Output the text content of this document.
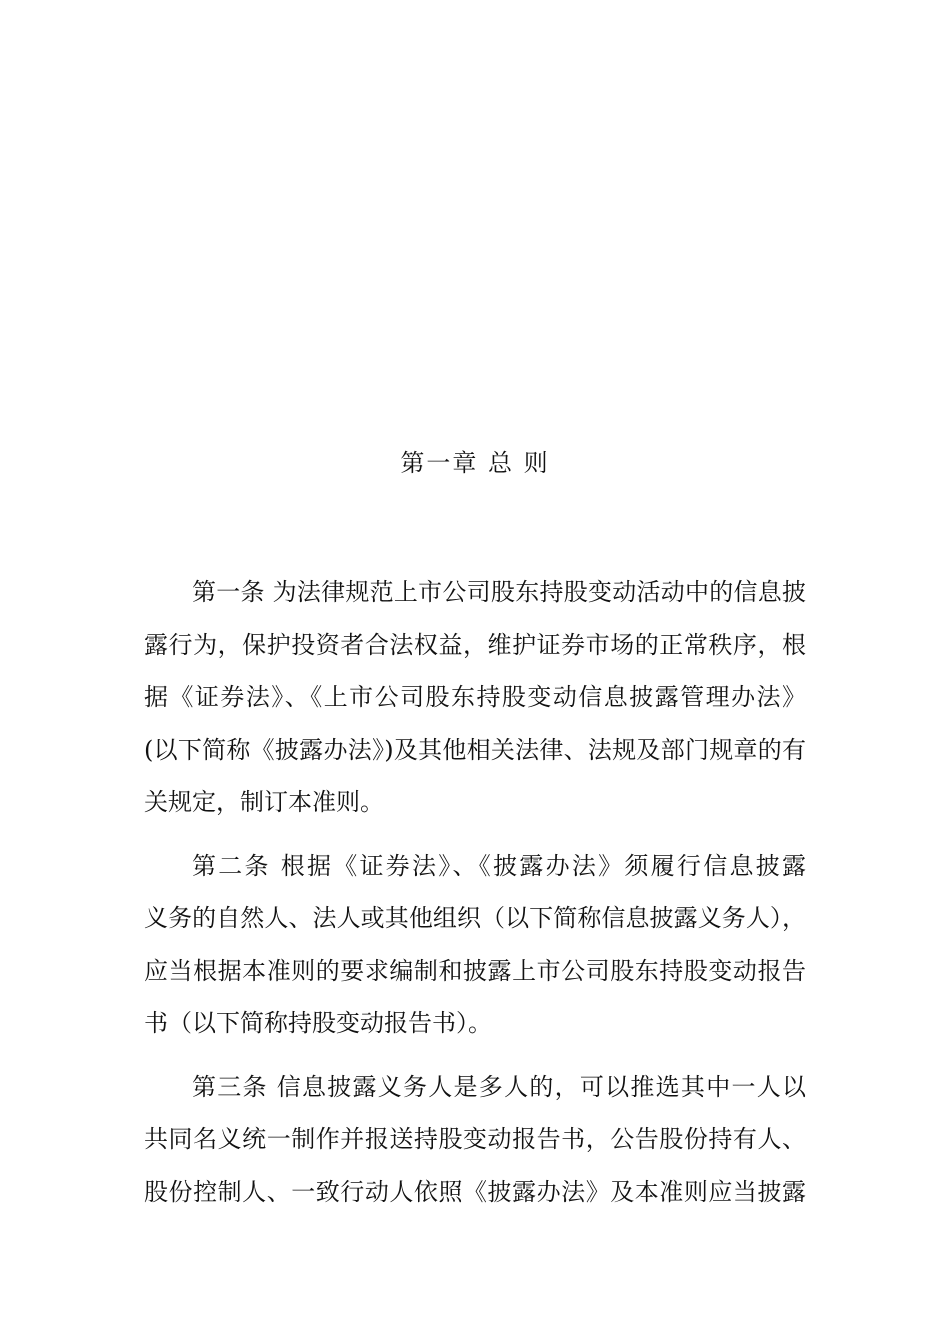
第一章 总 则
第一条 为法律规范上市公司股东持股变动活动中的信息披
露行为，保护投资者合法权益，维护证券市场的正常秩序，根
据《证券法》、《上市公司股东持股变动信息披露管理办法》
(以下简称《披露办法》)及其他相关法律、法规及部门规章的有
关规定，制订本准则。
第二条 根据《证券法》、《披露办法》须履行信息披露
义务的自然人、法人或其他组织（以下简称信息披露义务人），
应当根据本准则的要求编制和披露上市公司股东持股变动报告
书（以下简称持股变动报告书）。
第三条 信息披露义务人是多人的，可以推选其中一人以
共同名义统一制作并报送持股变动报告书，公告股份持有人、
股份控制人、一致行动人依照《披露办法》及本准则应当披露
